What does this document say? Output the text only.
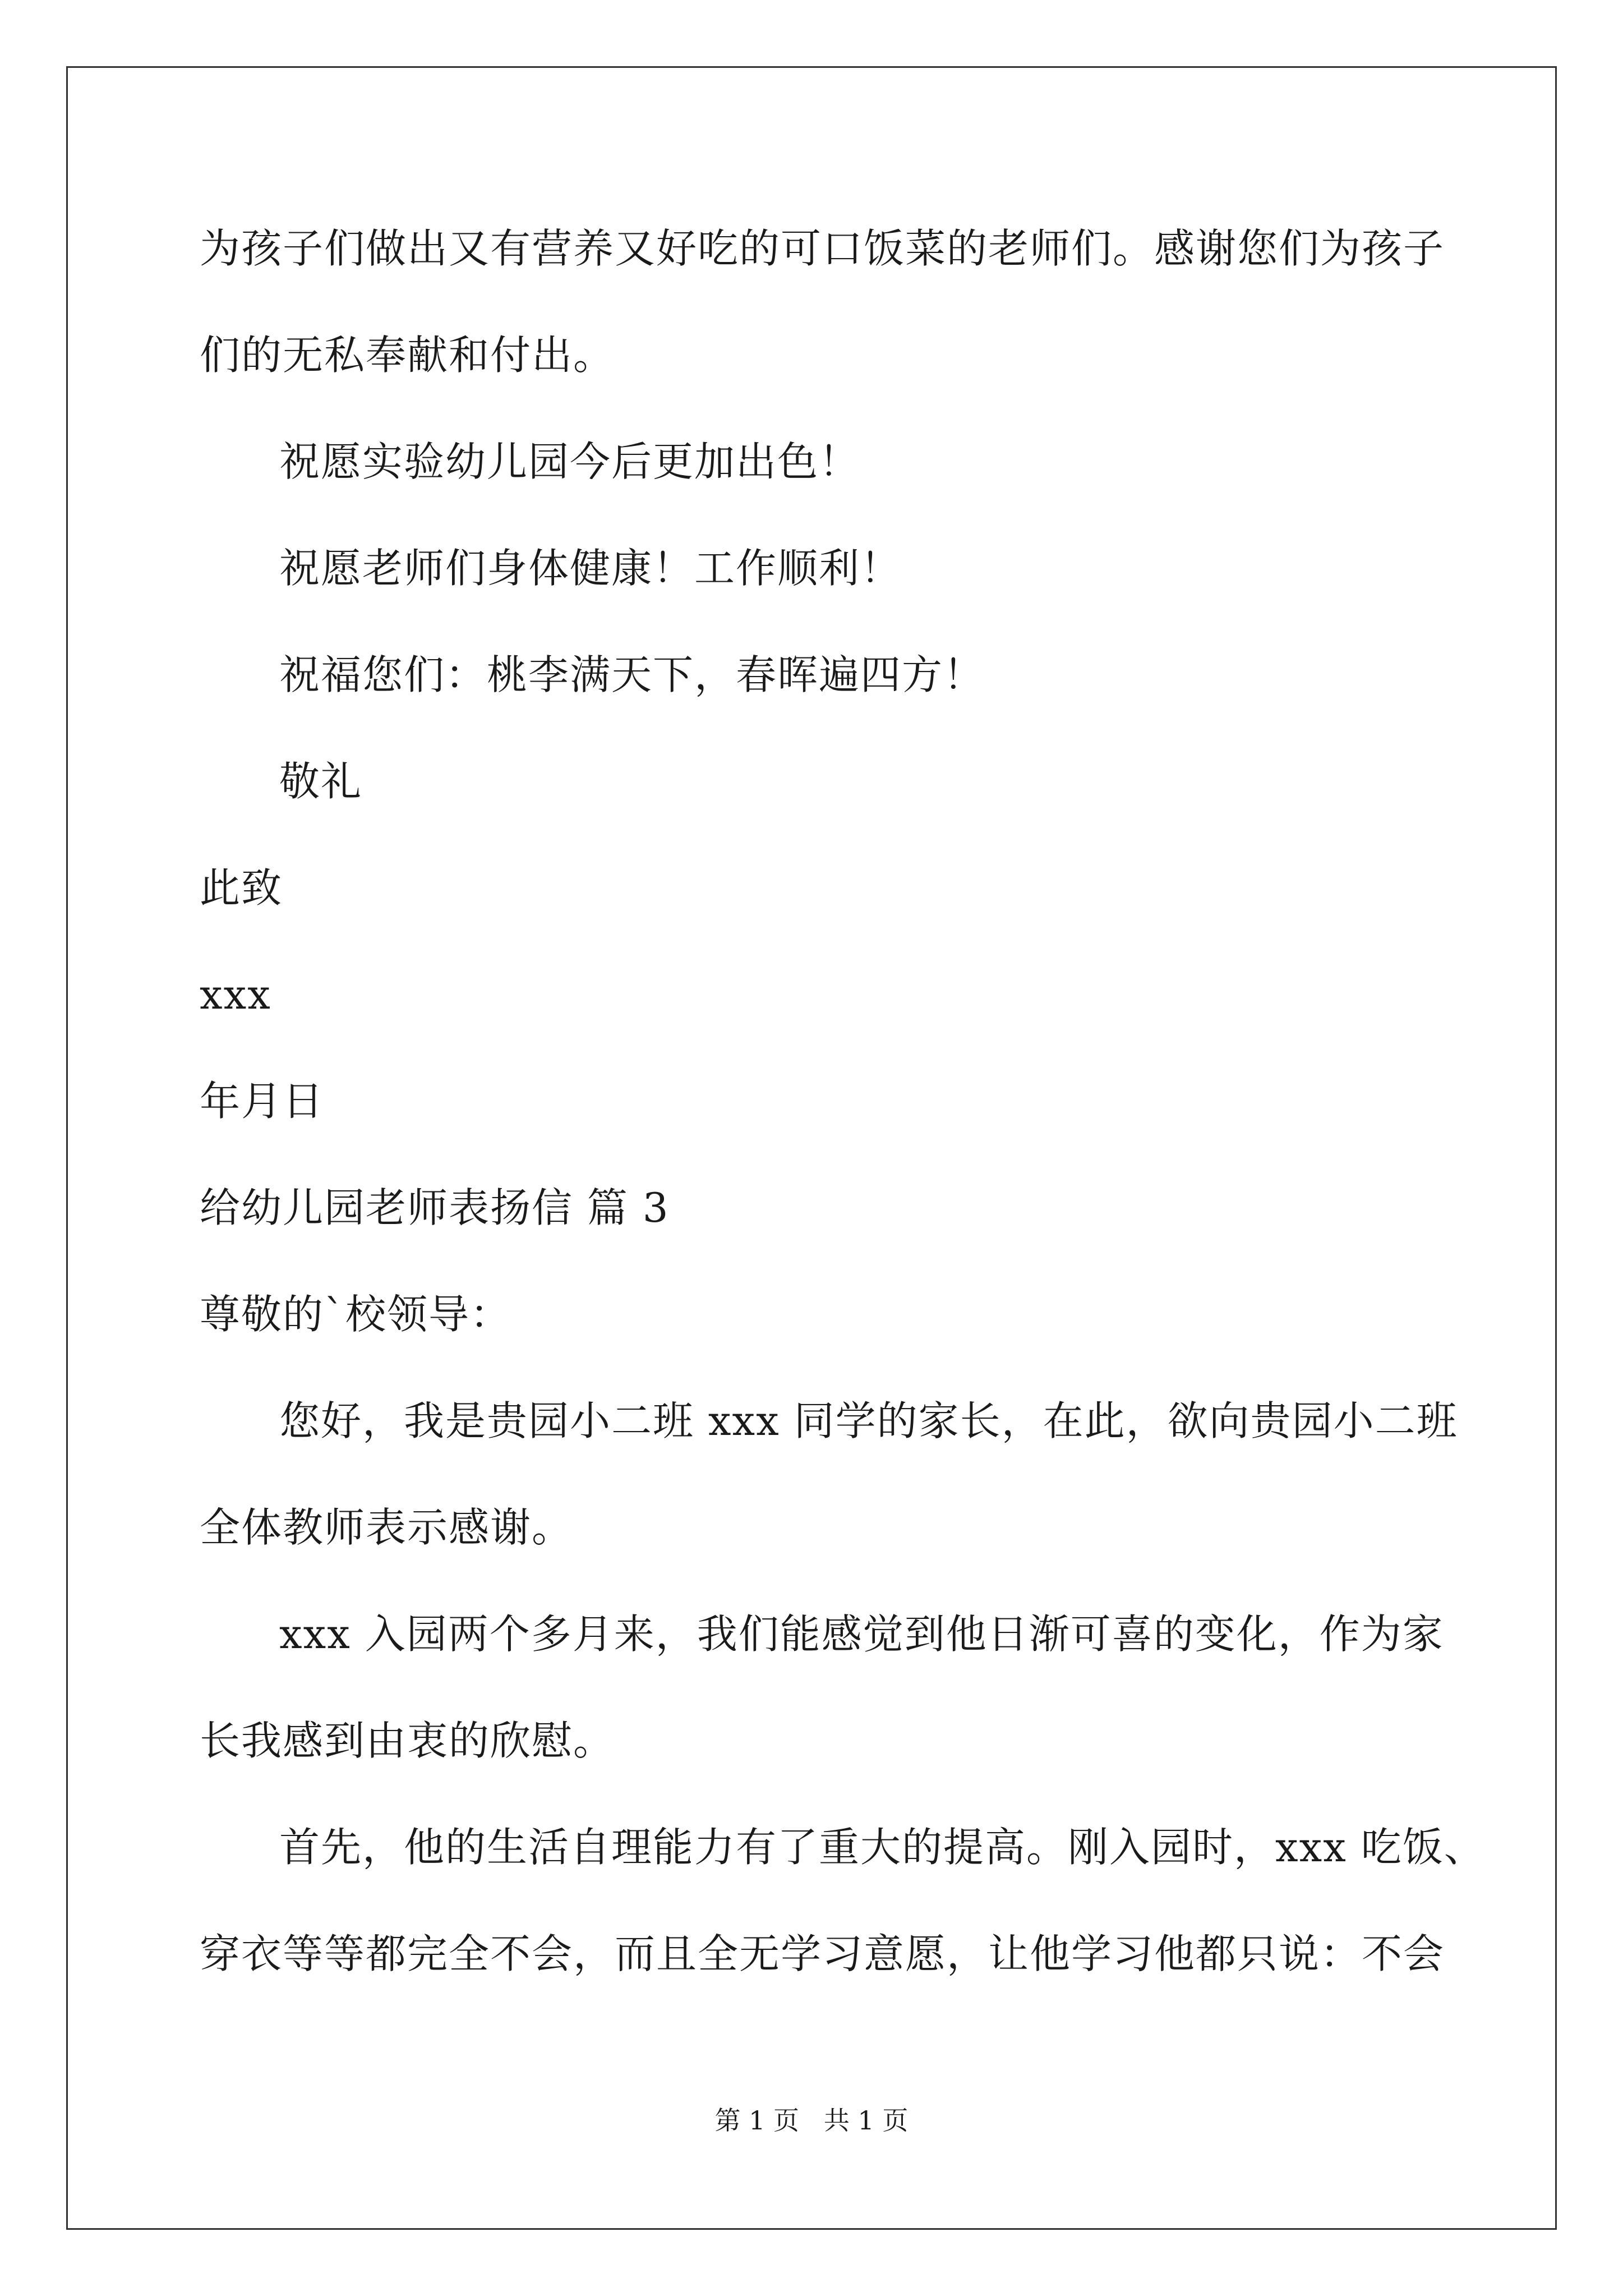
为孩子们做出又有营养又好吃的可口饭菜的老师们。感谢您们为孩子
们的无私奉献和付出。
祝愿实验幼儿园今后更加出色！
祝愿老师们身体健康！工作顺利！
祝福您们：桃李满天下，春晖遍四方！
敬礼
此致
xxx
年月日
给幼儿园老师表扬信 篇 3
尊敬的`校领导：
您好，我是贵园小二班 xxx 同学的家长，在此，欲向贵园小二班
全体教师表示感谢。
xxx 入园两个多月来，我们能感觉到他日渐可喜的变化，作为家
长我感到由衷的欣慰。
首先，他的生活自理能力有了重大的提高。刚入园时，xxx 吃饭、
穿衣等等都完全不会，而且全无学习意愿，让他学习他都只说：不会
第 1 页   共 1 页
